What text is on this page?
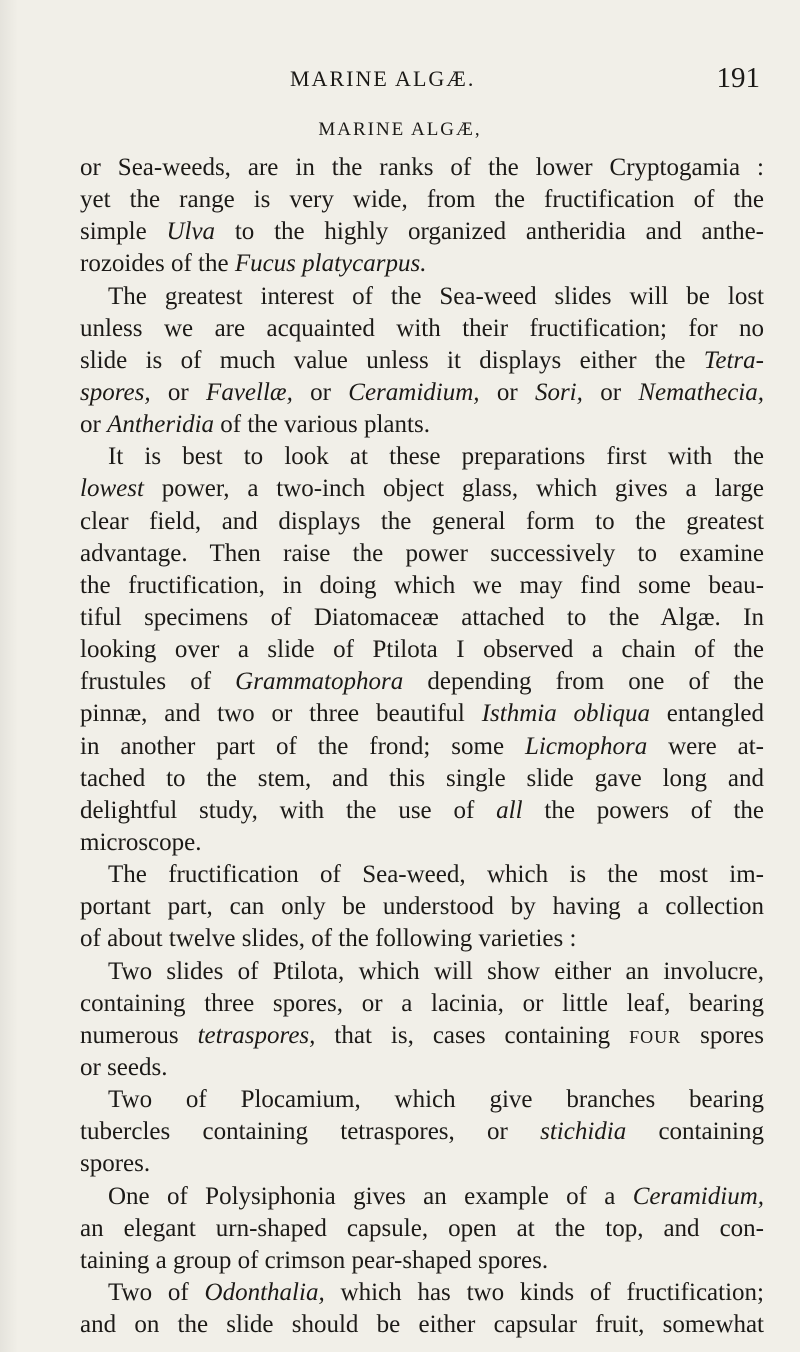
MARINE ALGÆ.	191
MARINE ALGÆ,
or Sea-weeds, are in the ranks of the lower Cryptogamia :
yet the range is very wide, from the fructification of the
simple Ulva to the highly organized antheridia and anthe-
rozoides of the Fucus platycarpus.
The greatest interest of the Sea-weed slides will be lost
unless we are acquainted with their fructification; for no
slide is of much value unless it displays either the Tetra-
spores, or Favellæ, or Ceramidium, or Sori, or Nemathecia,
or Antheridia of the various plants.
It is best to look at these preparations first with the
lowest power, a two-inch object glass, which gives a large
clear field, and displays the general form to the greatest
advantage. Then raise the power successively to examine
the fructification, in doing which we may find some beau-
tiful specimens of Diatomaceæ attached to the Algæ. In
looking over a slide of Ptilota I observed a chain of the
frustules of Grammatophora depending from one of the
pinnæ, and two or three beautiful Isthmia obliqua entangled
in another part of the frond; some Licmophora were at-
tached to the stem, and this single slide gave long and
delightful study, with the use of all the powers of the
microscope.
The fructification of Sea-weed, which is the most im-
portant part, can only be understood by having a collection
of about twelve slides, of the following varieties :
Two slides of Ptilota, which will show either an involucre,
containing three spores, or a lacinia, or little leaf, bearing
numerous tetraspores, that is, cases containing four spores
or seeds.
Two of Plocamium, which give branches bearing
tubercles containing tetraspores, or stichidia containing
spores.
One of Polysiphonia gives an example of a Ceramidium,
an elegant urn-shaped capsule, open at the top, and con-
taining a group of crimson pear-shaped spores.
Two of Odonthalia, which has two kinds of fructification;
and on the slide should be either capsular fruit, somewhat
